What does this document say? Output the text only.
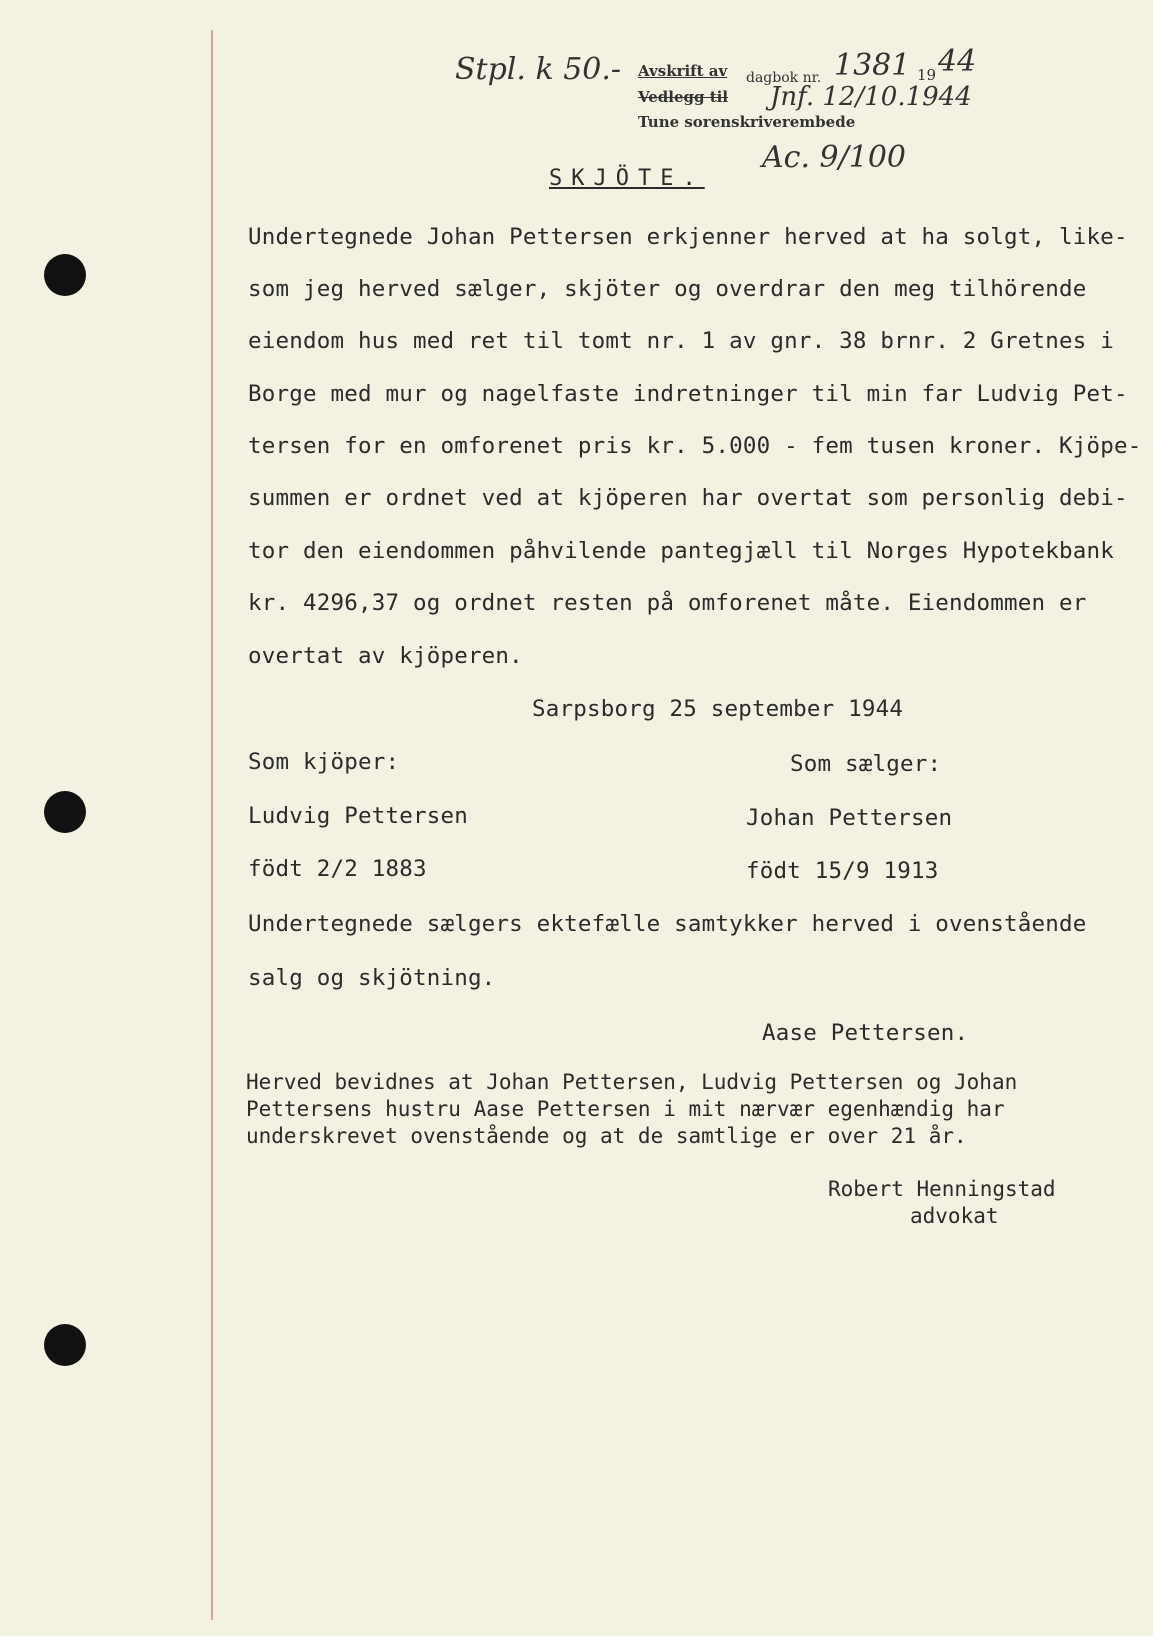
Stpl. k 50.- Avskrift av dagbok nr. 1381 19 44
Vedlegg til Jnf. 12/10.1944
Tune sorenskriverembede
Ac. 9/100
SKJÖTE.
Undertegnede Johan Pettersen erkjenner herved at ha solgt, like-
som jeg herved sælger, skjöter og overdrar den meg tilhörende
eiendom hus med ret til tomt nr. 1 av gnr. 38 brnr. 2 Gretnes i
Borge med mur og nagelfaste indretninger til min far Ludvig Pet-
tersen for en omforenet pris kr. 5.000 - fem tusen kroner. Kjöpe-
summen er ordnet ved at kjöperen har overtat som personlig debi-
tor den eiendommen påhvilende pantegjæll til Norges Hypotekbank
kr. 4296,37 og ordnet resten på omforenet måte. Eiendommen er
overtat av kjöperen.
Sarpsborg 25 september 1944
Som kjöper:	Som sælger:
Ludvig Pettersen	Johan Pettersen
födt 2/2 1883	födt 15/9 1913
Undertegnede sælgers ektefælle samtykker herved i ovenstående
salg og skjötning.
Aase Pettersen.
Herved bevidnes at Johan Pettersen, Ludvig Pettersen og Johan
Pettersens hustru Aase Pettersen i mit nærvær egenhændig har
underskrevet ovenstående og at de samtlige er over 21 år.
Robert Henningstad
advokat
